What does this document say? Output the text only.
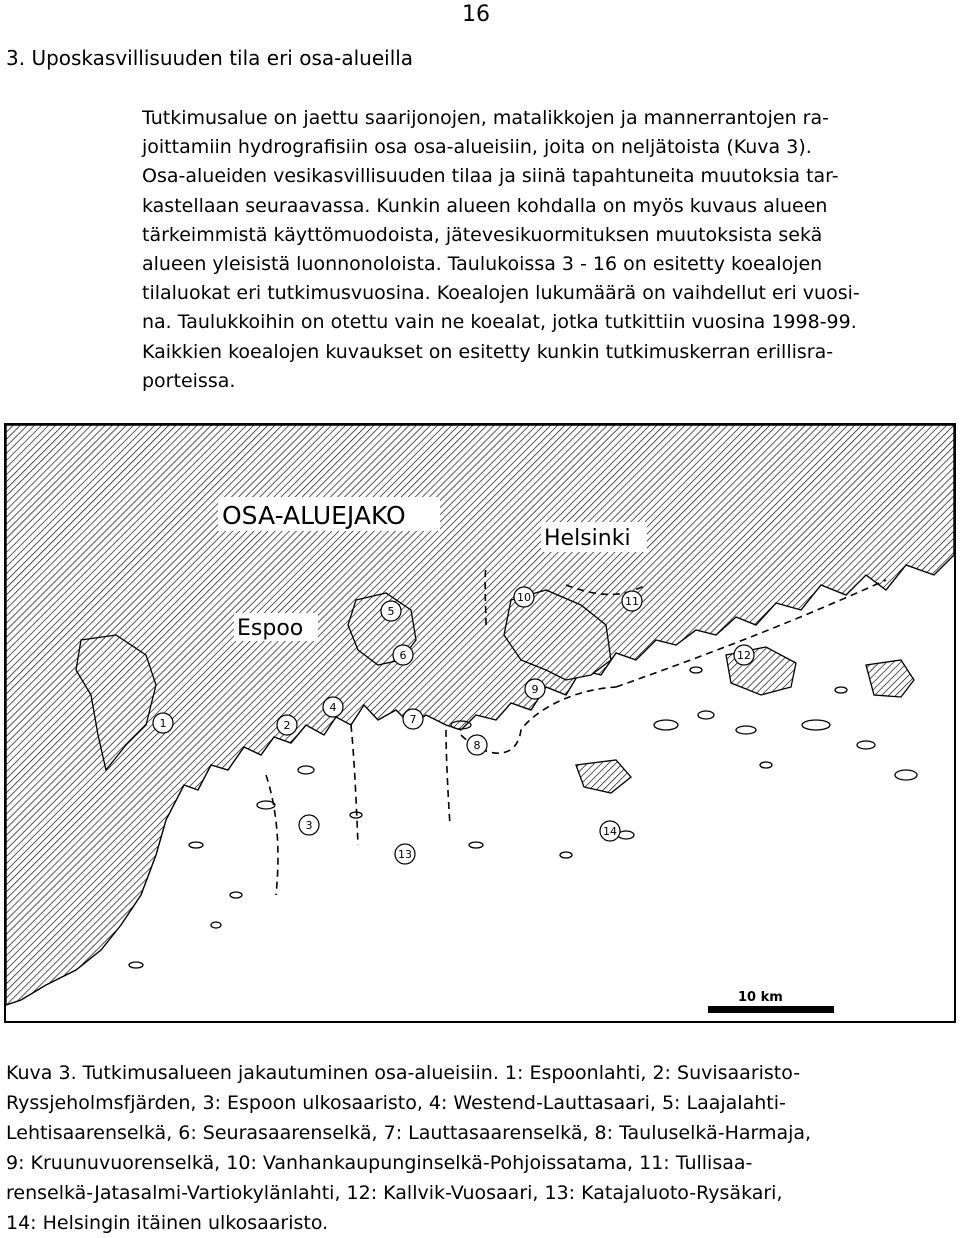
16
3. Uposkasvillisuuden tila eri osa-alueilla

Tutkimusalue on jaettu saarijonojen, matalikkojen ja mannerrantojen ra-
joittamiin hydrografisiin osa osa-alueisiin, joita on neljätoista (Kuva 3).
Osa-alueiden vesikasvillisuuden tilaa ja siinä tapahtuneita muutoksia tar-
kastellaan seuraavassa. Kunkin alueen kohdalla on myös kuvaus alueen
tärkeimmistä käyttömuodoista, jätevesikuormituksen muutoksista sekä
alueen yleisistä luonnonoloista. Taulukoissa 3 - 16 on esitetty koealojen
tilaluokat eri tutkimusvuosina. Koealojen lukumäärä on vaihdellut eri vuosi-
na. Taulukkoihin on otettu vain ne koealat, jotka tutkittiin vuosina 1998-99.
Kaikkien koealojen kuvaukset on esitetty kunkin tutkimuskerran erillisra-
porteissa.

OSA-ALUEJAKO
Helsinki
Espoo
1	2
3
4
5
6
7
8
9
10	11
12
13
14
10 km

Kuva 3. Tutkimusalueen jakautuminen osa-alueisiin. 1: Espoonlahti, 2: Suvisaaristo-
Ryssjeholmsfjärden, 3: Espoon ulkosaaristo, 4: Westend-Lauttasaari, 5: Laajalahti-
Lehtisaarenselkä, 6: Seurasaarenselkä, 7: Lauttasaarenselkä, 8: Tauluselkä-Harmaja,
9: Kruunuvuorenselkä, 10: Vanhankaupunginselkä-Pohjoissatama, 11: Tullisaa-
renselkä-Jatasalmi-Vartiokylänlahti, 12: Kallvik-Vuosaari, 13: Katajaluoto-Rysäkari,
14: Helsingin itäinen ulkosaaristo.
